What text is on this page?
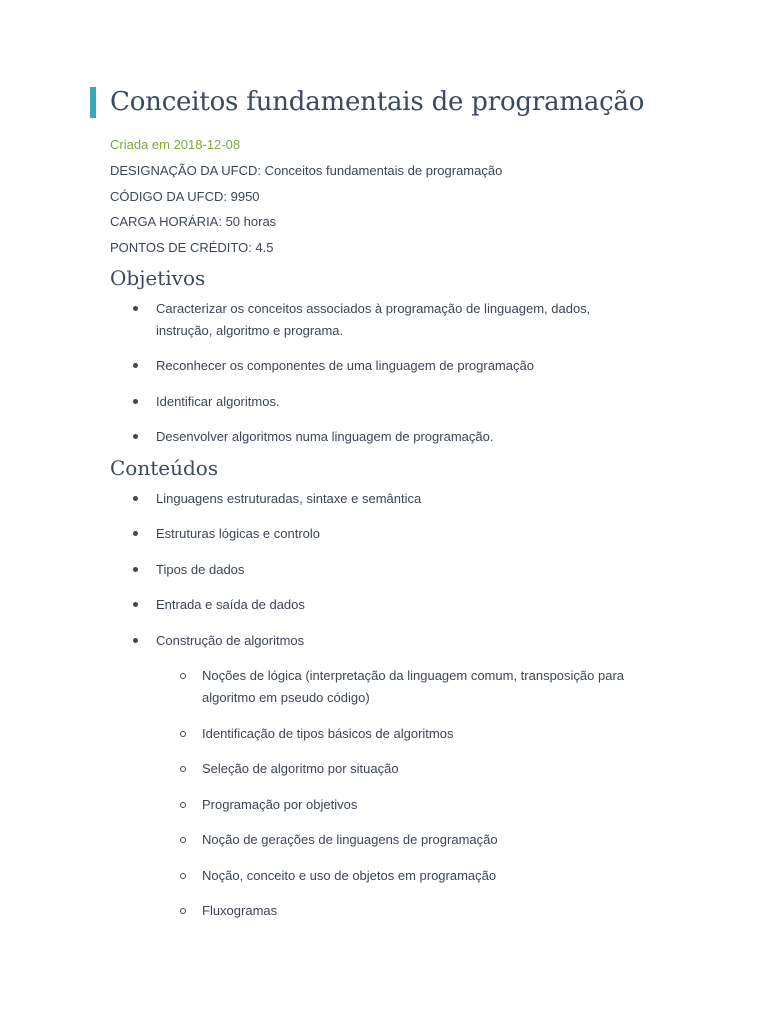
Conceitos fundamentais de programação
Criada em 2018-12-08
DESIGNAÇÃO DA UFCD: Conceitos fundamentais de programação
CÓDIGO DA UFCD: 9950
CARGA HORÁRIA: 50 horas
PONTOS DE CRÉDITO: 4.5
Objetivos
Caracterizar os conceitos associados à programação de linguagem, dados, instrução, algoritmo e programa.
Reconhecer os componentes de uma linguagem de programação
Identificar algoritmos.
Desenvolver algoritmos numa linguagem de programação.
Conteúdos
Linguagens estruturadas, sintaxe e semântica
Estruturas lógicas e controlo
Tipos de dados
Entrada e saída de dados
Construção de algoritmos
Noções de lógica (interpretação da linguagem comum, transposição para algoritmo em pseudo código)
Identificação de tipos básicos de algoritmos
Seleção de algoritmo por situação
Programação por objetivos
Noção de gerações de linguagens de programação
Noção, conceito e uso de objetos em programação
Fluxogramas
